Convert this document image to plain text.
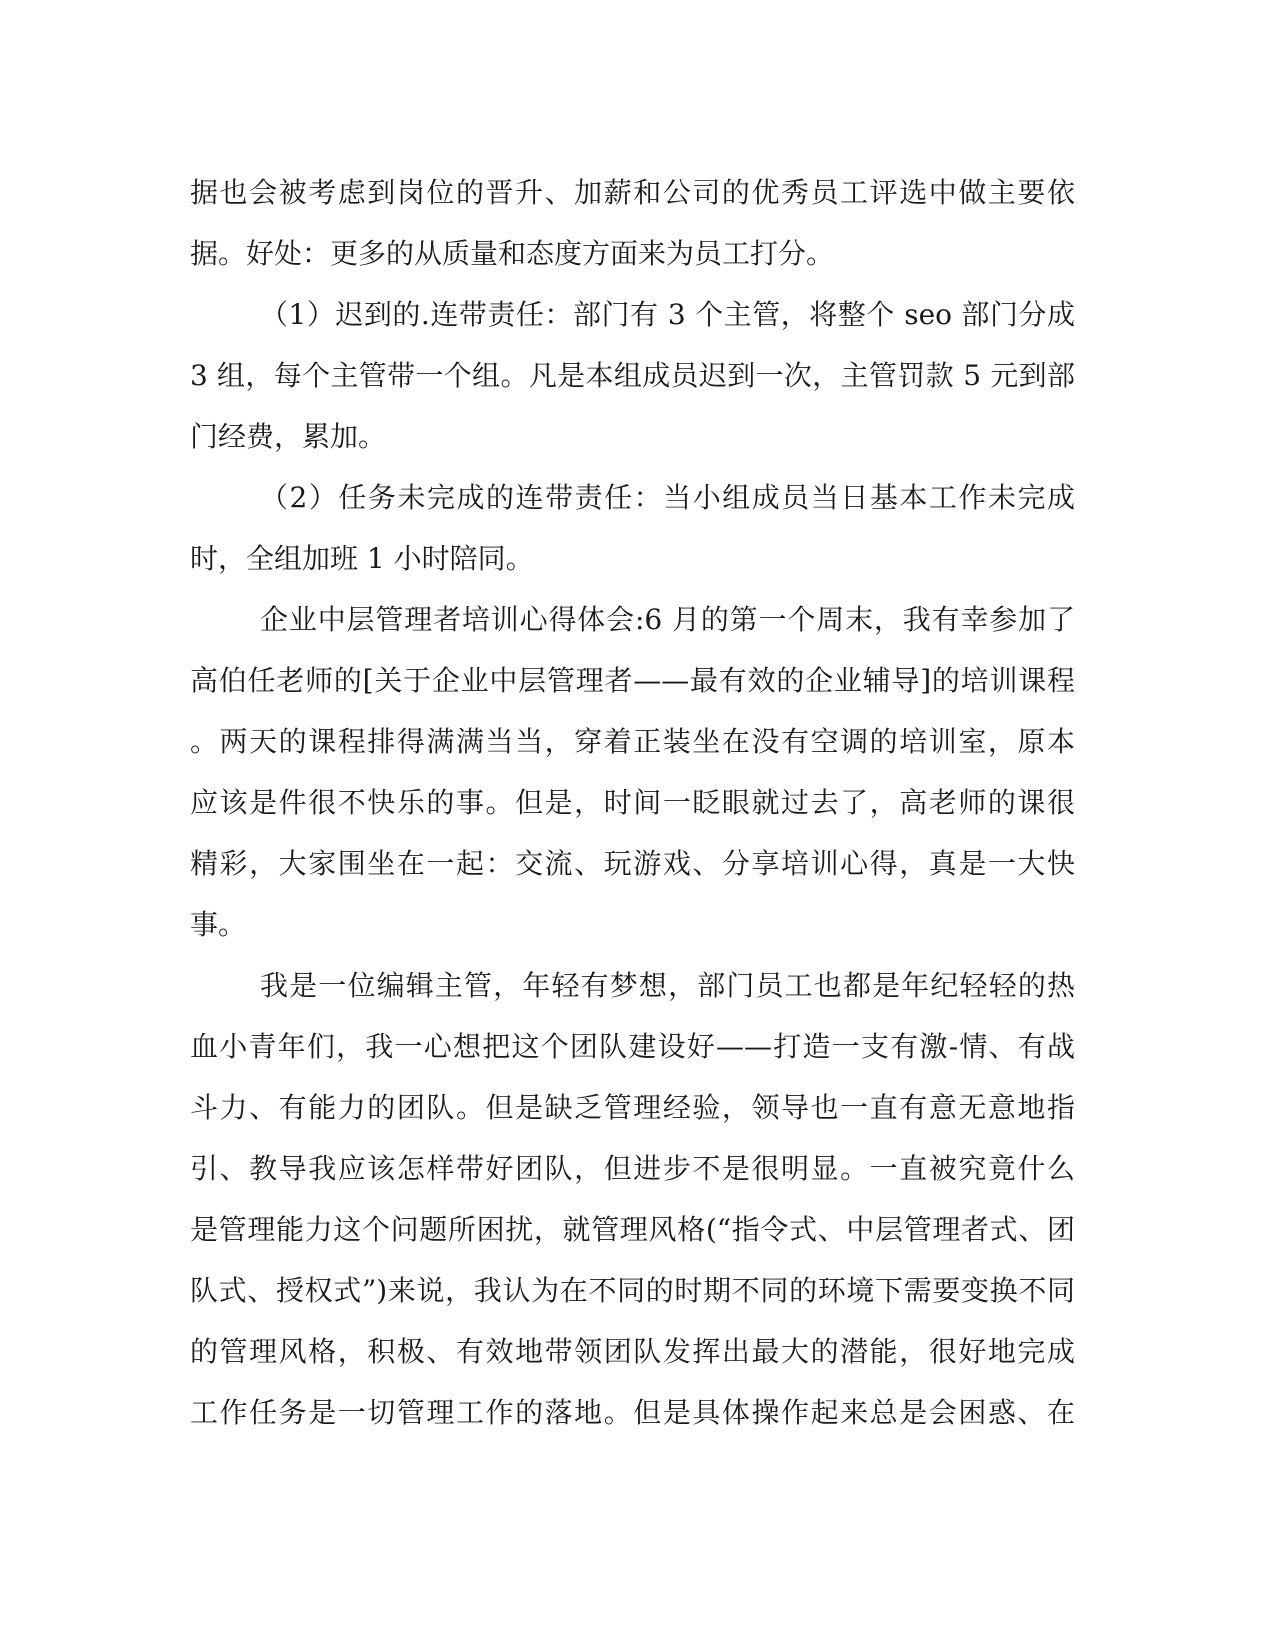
据也会被考虑到岗位的晋升、加薪和公司的优秀员工评选中做主要依
据。好处：更多的从质量和态度方面来为员工打分。
（1）迟到的.连带责任：部门有 3 个主管，将整个 seo 部门分成
3 组，每个主管带一个组。凡是本组成员迟到一次，主管罚款 5 元到部
门经费，累加。
（2）任务未完成的连带责任：当小组成员当日基本工作未完成
时，全组加班 1 小时陪同。
企业中层管理者培训心得体会:6 月的第一个周末，我有幸参加了
高伯任老师的[关于企业中层管理者——最有效的企业辅导]的培训课程
。两天的课程排得满满当当，穿着正装坐在没有空调的培训室，原本
应该是件很不快乐的事。但是，时间一眨眼就过去了，高老师的课很
精彩，大家围坐在一起：交流、玩游戏、分享培训心得，真是一大快
事。
我是一位编辑主管，年轻有梦想，部门员工也都是年纪轻轻的热
血小青年们，我一心想把这个团队建设好——打造一支有激-情、有战
斗力、有能力的团队。但是缺乏管理经验，领导也一直有意无意地指
引、教导我应该怎样带好团队，但进步不是很明显。一直被究竟什么
是管理能力这个问题所困扰，就管理风格(“指令式、中层管理者式、团
队式、授权式”)来说，我认为在不同的时期不同的环境下需要变换不同
的管理风格，积极、有效地带领团队发挥出最大的潜能，很好地完成
工作任务是一切管理工作的落地。但是具体操作起来总是会困惑、在
